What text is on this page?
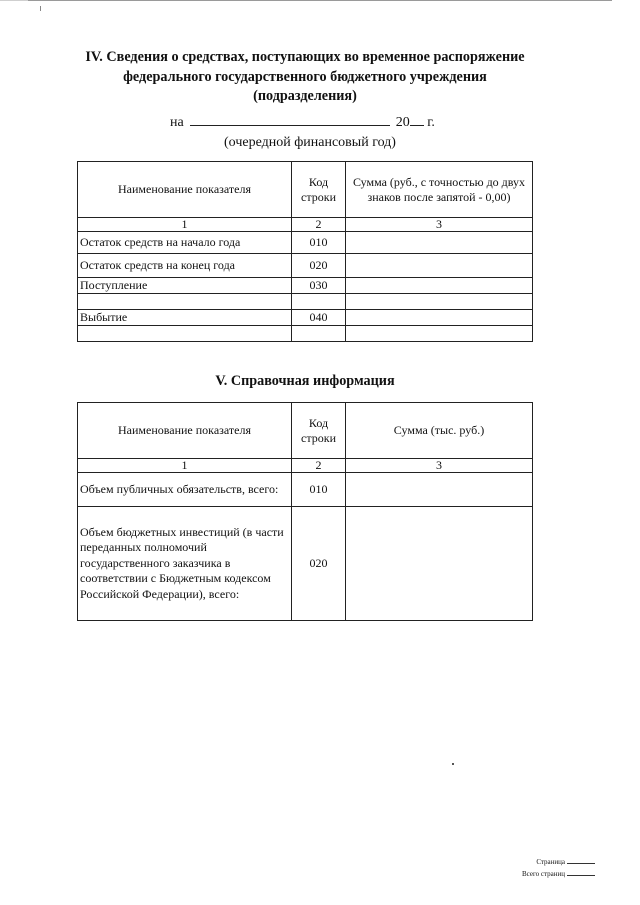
IV. Сведения о средствах, поступающих во временное распоряжение федерального государственного бюджетного учреждения (подразделения)
на	20 г.
(очередной финансовый год)
Наименование показателя	Код строки	Сумма (руб., с точностью до двух знаков после запятой - 0,00)
1	2	3
Остаток средств на начало года	010	
Остаток средств на конец года	020	
Поступление	030	

Выбытие	040	

V. Справочная информация
Наименование показателя	Код строки	Сумма (тыс. руб.)
1	2	3
Объем публичных обязательств, всего:	010	
Объем бюджетных инвестиций (в части переданных полномочий государственного заказчика в соответствии с Бюджетным кодексом Российской Федерации), всего:	020	
Страница
Всего страниц
